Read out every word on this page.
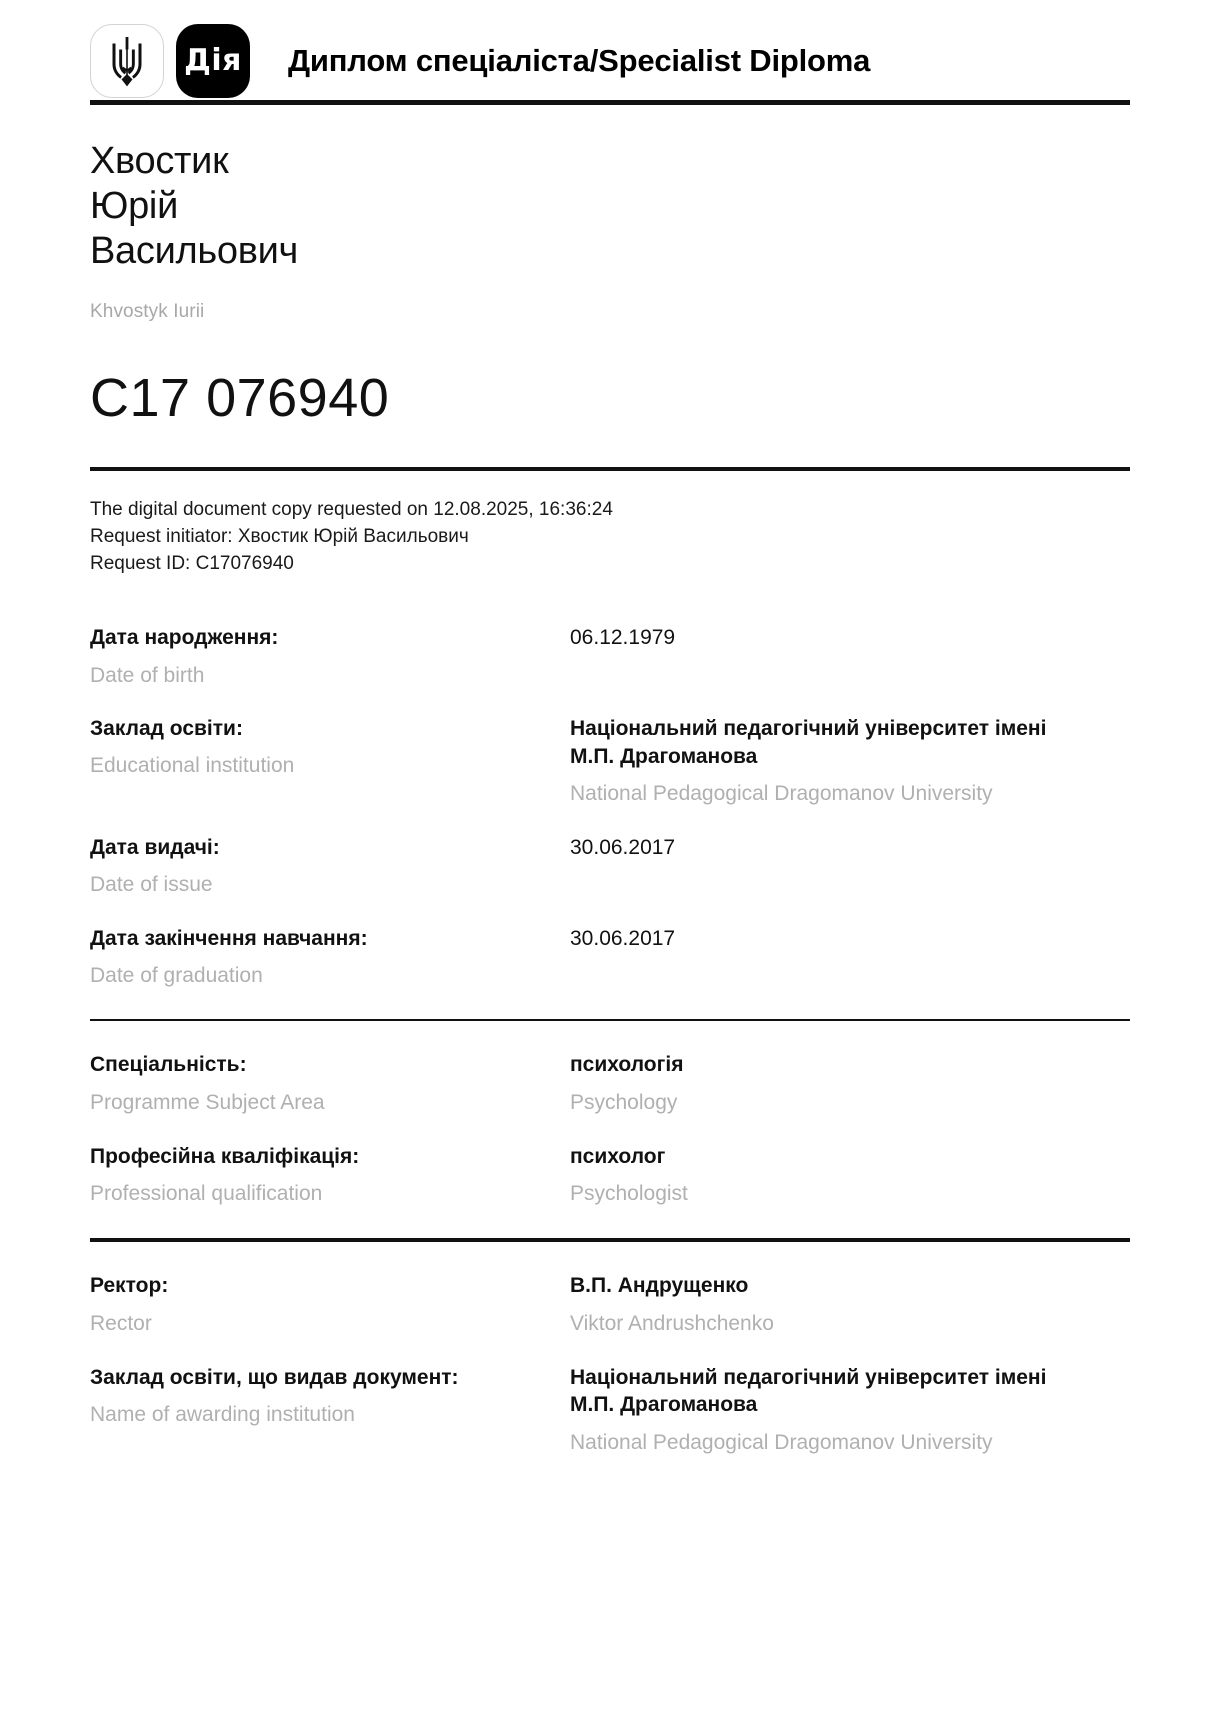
Дія Диплом спеціаліста/Specialist Diploma
Хвостик
Юрій
Васильович
Khvostyk Iurii
С17 076940
The digital document copy requested on 12.08.2025, 16:36:24
Request initiator: Хвостик Юрій Васильович
Request ID: C17076940
Дата народження:
Date of birth
06.12.1979
Заклад освіти:
Educational institution
Національний педагогічний університет імені М.П. Драгоманова
National Pedagogical Dragomanov University
Дата видачі:
Date of issue
30.06.2017
Дата закінчення навчання:
Date of graduation
30.06.2017
Спеціальність:
Programme Subject Area
психологія
Psychology
Професійна кваліфікація:
Professional qualification
психолог
Psychologist
Ректор:
Rector
В.П. Андрущенко
Viktor Andrushchenko
Заклад освіти, що видав документ:
Name of awarding institution
Національний педагогічний університет імені М.П. Драгоманова
National Pedagogical Dragomanov University
